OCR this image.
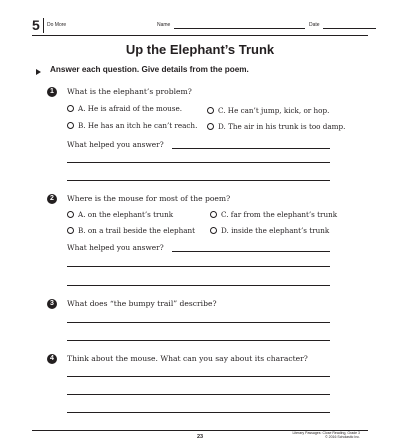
5 Do More	Name	Date
Up the Elephant’s Trunk
Answer each question. Give details from the poem.
1	What is the elephant’s problem?
A. He is afraid of the mouse.	C. He can’t jump, kick, or hop.
B. He has an itch he can’t reach.	D. The air in his trunk is too damp.
What helped you answer?
2	Where is the mouse for most of the poem?
A. on the elephant’s trunk	C. far from the elephant’s trunk
B. on a trail beside the elephant	D. inside the elephant’s trunk
What helped you answer?
3	What does “the bumpy trail” describe?
4	Think about the mouse. What can you say about its character?
23
Literary Passages: Close Reading, Grade 3
© 2016 Scholastic Inc.
